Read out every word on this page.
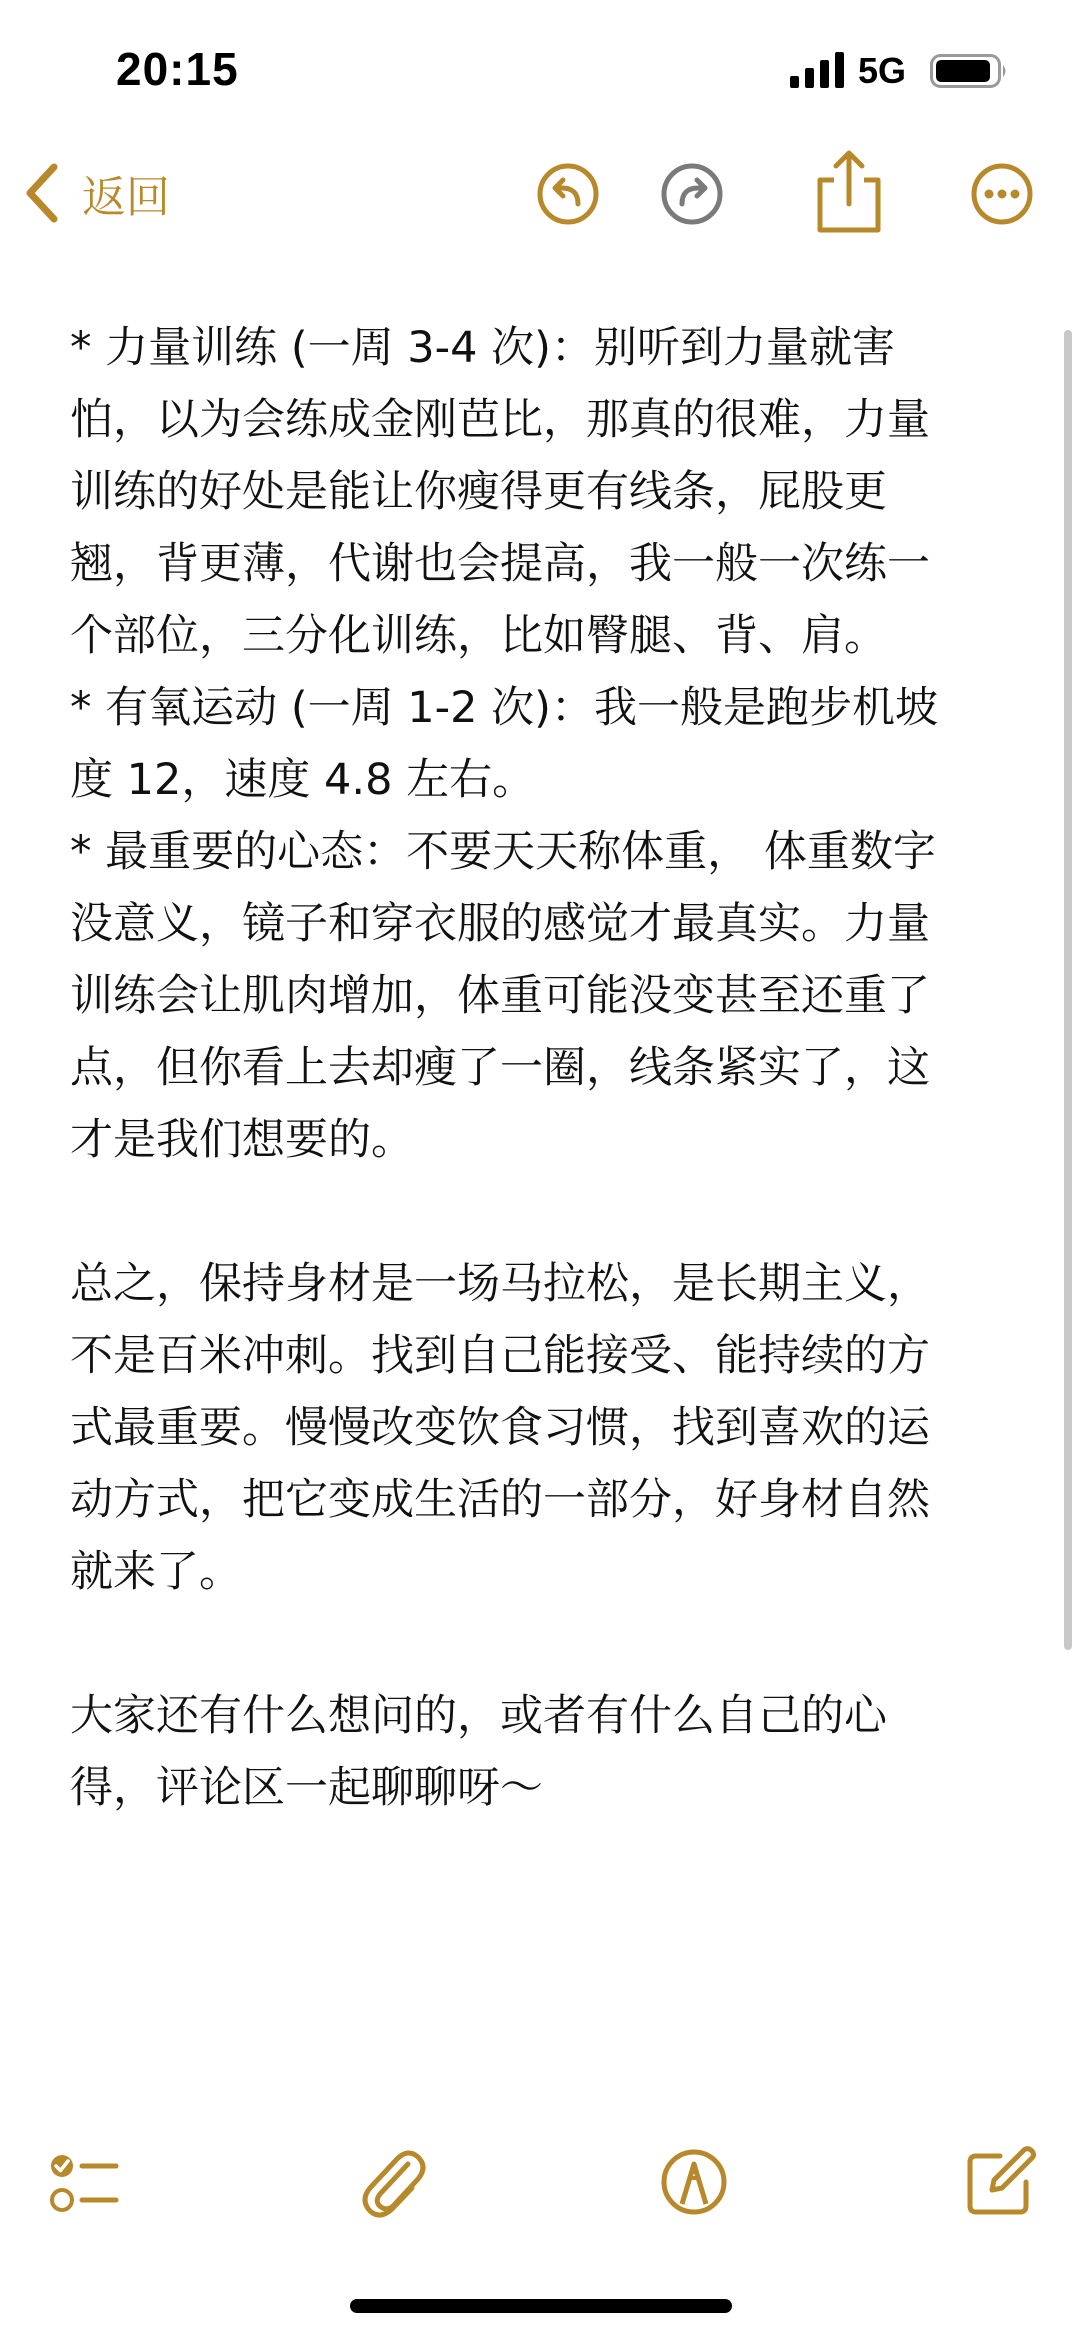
20:15	5G
返回
* 力量训练 (一周 3-4 次)：别听到力量就害
怕，以为会练成金刚芭比，那真的很难，力量
训练的好处是能让你瘦得更有线条，屁股更
翘，背更薄，代谢也会提高，我一般一次练一
个部位，三分化训练，比如臀腿、背、肩。
* 有氧运动 (一周 1-2 次)：我一般是跑步机坡
度 12，速度 4.8 左右。
* 最重要的心态：不要天天称体重， 体重数字
没意义，镜子和穿衣服的感觉才最真实。力量
训练会让肌肉增加，体重可能没变甚至还重了
点，但你看上去却瘦了一圈，线条紧实了，这
才是我们想要的。
总之，保持身材是一场马拉松，是长期主义，
不是百米冲刺。找到自己能接受、能持续的方
式最重要。慢慢改变饮食习惯，找到喜欢的运
动方式，把它变成生活的一部分，好身材自然
就来了。
大家还有什么想问的，或者有什么自己的心
得，评论区一起聊聊呀～
